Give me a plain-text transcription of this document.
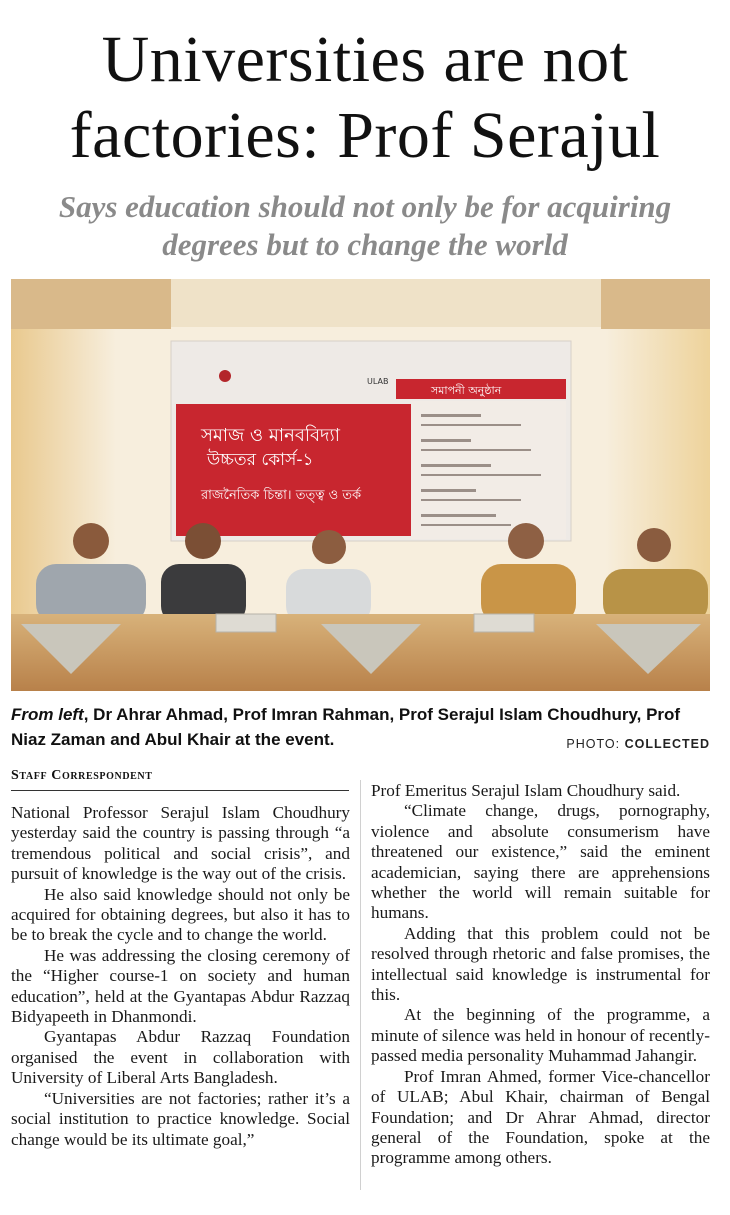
Universities are not
factories: Prof Serajul
Says education should not only be for acquiring
degrees but to change the world
ULAB
সমাজ ও মানববিদ্যা
উচ্চতর কোর্স-১
রাজনৈতিক চিন্তা। তত্ত্ব ও তর্ক
সমাপনী অনুষ্ঠান
From left, Dr Ahrar Ahmad, Prof Imran Rahman, Prof Serajul Islam Choudhury, Prof Niaz Zaman and Abul Khair at the event.	PHOTO: COLLECTED
Staff Correspondent

National Professor Serajul Islam Choudhury yesterday said the country is passing through “a tremendous political and social crisis”, and pursuit of knowledge is the way out of the crisis.

He also said knowledge should not only be acquired for obtaining degrees, but also it has to be to break the cycle and to change the world.

He was addressing the closing ceremony of the “Higher course-1 on society and human education”, held at the Gyantapas Abdur Razzaq Bidyapeeth in Dhanmondi.

Gyantapas Abdur Razzaq Foundation organised the event in collaboration with University of Liberal Arts Bangladesh.

“Universities are not factories; rather it’s a social institution to practice knowledge. Social change would be its ultimate goal,”

Prof Emeritus Serajul Islam Choudhury said.

“Climate change, drugs, pornography, violence and absolute consumerism have threatened our existence,” said the eminent academician, saying there are apprehensions whether the world will remain suitable for humans.

Adding that this problem could not be resolved through rhetoric and false promises, the intellectual said knowledge is instrumental for this.

At the beginning of the programme, a minute of silence was held in honour of recently-passed media personality Muhammad Jahangir.

Prof Imran Ahmed, former Vice-chancellor of ULAB; Abul Khair, chairman of Bengal Foundation; and Dr Ahrar Ahmad, director general of the Foundation, spoke at the programme among others.
